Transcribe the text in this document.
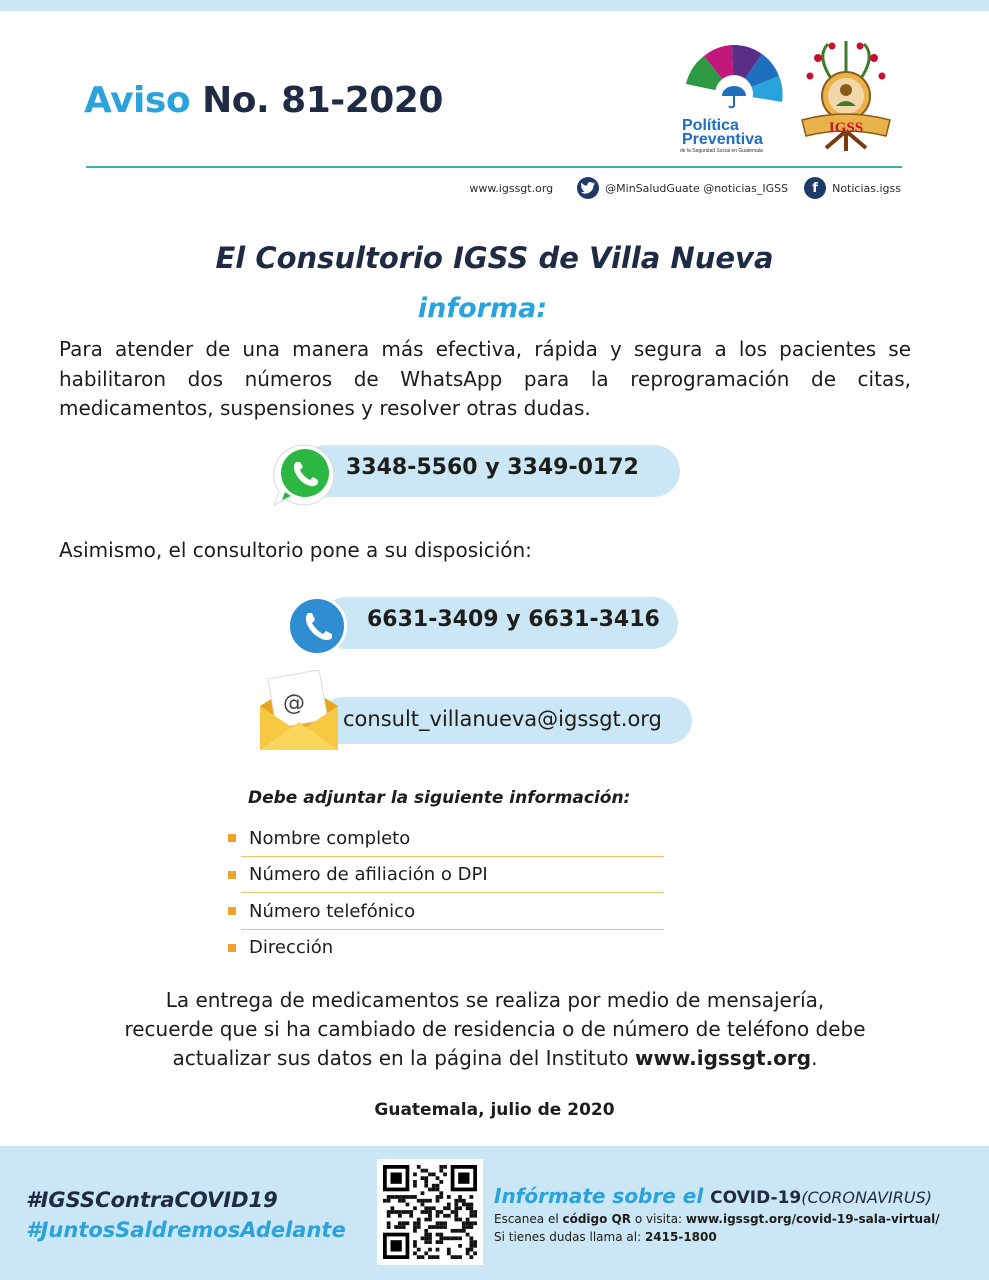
Aviso No. 81-2020
Política
Preventiva
de la Seguridad Social en Guatemala
IGSS
www.igssgt.org	@MinSaludGuate @noticias_IGSS	f	Noticias.igss
El Consultorio IGSS de Villa Nueva
informa:
Para atender de una manera más efectiva, rápida y segura a los pacientes se habilitaron dos números de WhatsApp para la reprogramación de citas, medicamentos, suspensiones y resolver otras dudas.
3348-5560 y 3349-0172
Asimismo, el consultorio pone a su disposición:
6631-3409 y 6631-3416
@
consult_villanueva@igssgt.org
Debe adjuntar la siguiente información:
Nombre completo
Número de afiliación o DPI
Número telefónico
Dirección
La entrega de medicamentos se realiza por medio de mensajería,
recuerde que si ha cambiado de residencia o de número de teléfono debe
actualizar sus datos en la página del Instituto www.igssgt.org.
Guatemala, julio de 2020
#IGSSContraCOVID19
#JuntosSaldremosAdelante
Infórmate sobre el COVID-19(CORONAVIRUS)
Escanea el código QR o visita: www.igssgt.org/covid-19-sala-virtual/
Si tienes dudas llama al: 2415-1800
